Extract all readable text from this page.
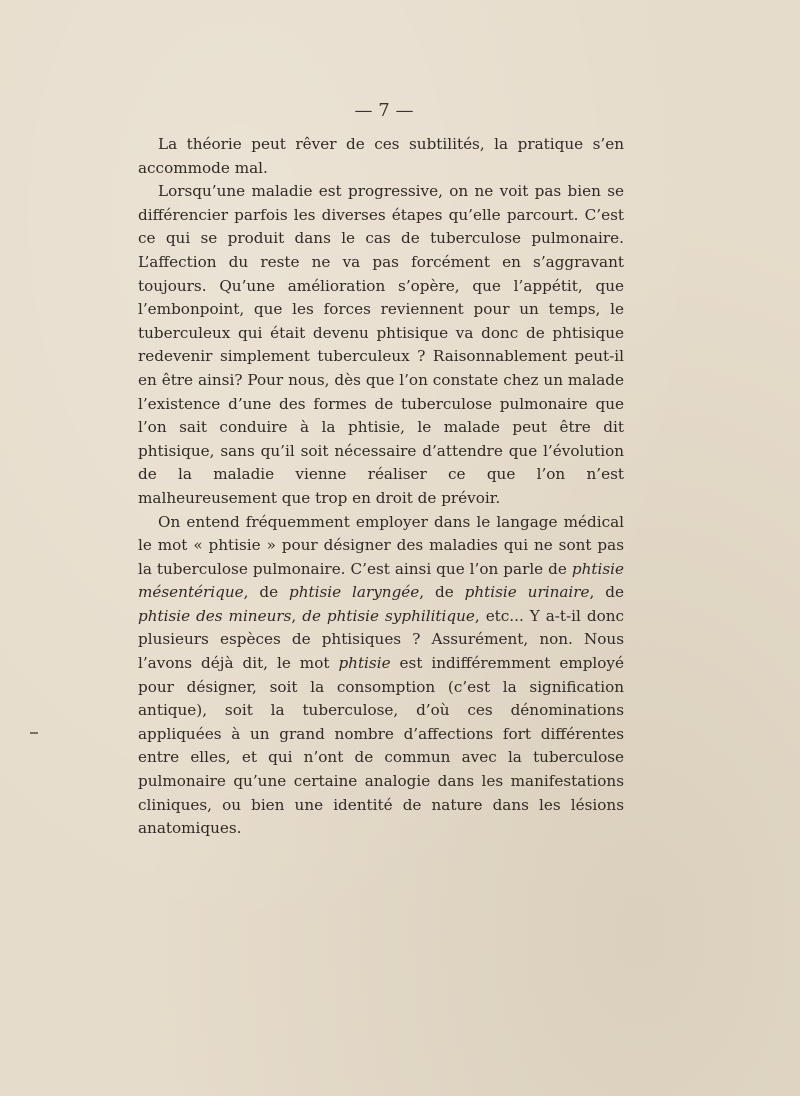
— 7 —

La théorie peut rêver de ces subtilités, la pratique s’en accommode mal.

Lorsqu’une maladie est progressive, on ne voit pas bien se différencier parfois les diverses étapes qu’elle parcourt. C’est ce qui se produit dans le cas de tuberculose pulmonaire. L’affection du reste ne va pas forcément en s’aggravant toujours. Qu’une amélioration s’opère, que l’appétit, que l’embonpoint, que les forces reviennent pour un temps, le tuberculeux qui était devenu phtisique va donc de phtisique redevenir simplement tuberculeux ? Raisonnablement peut-il en être ainsi? Pour nous, dès que l’on constate chez un malade l’existence d’une des formes de tuberculose pulmonaire que l’on sait conduire à la phtisie, le malade peut être dit phtisique, sans qu’il soit nécessaire d’attendre que l’évolution de la maladie vienne réaliser ce que l’on n’est malheureusement que trop en droit de prévoir.

On entend fréquemment employer dans le langage médical le mot « phtisie » pour désigner des maladies qui ne sont pas la tuberculose pulmonaire. C’est ainsi que l’on parle de phtisie mésentérique, de phtisie laryngée, de phtisie urinaire, de phtisie des mineurs, de phtisie syphilitique, etc... Y a-t-il donc plusieurs espèces de phtisiques ? Assurément, non. Nous l’avons déjà dit, le mot phtisie est indifféremment employé pour désigner, soit la consomption (c’est la signification antique), soit la tuberculose, d’où ces dénominations appliquées à un grand nombre d’affections fort différentes entre elles, et qui n’ont de commun avec la tuberculose pulmonaire qu’une certaine analogie dans les manifestations cliniques, ou bien une identité de nature dans les lésions anatomiques.
